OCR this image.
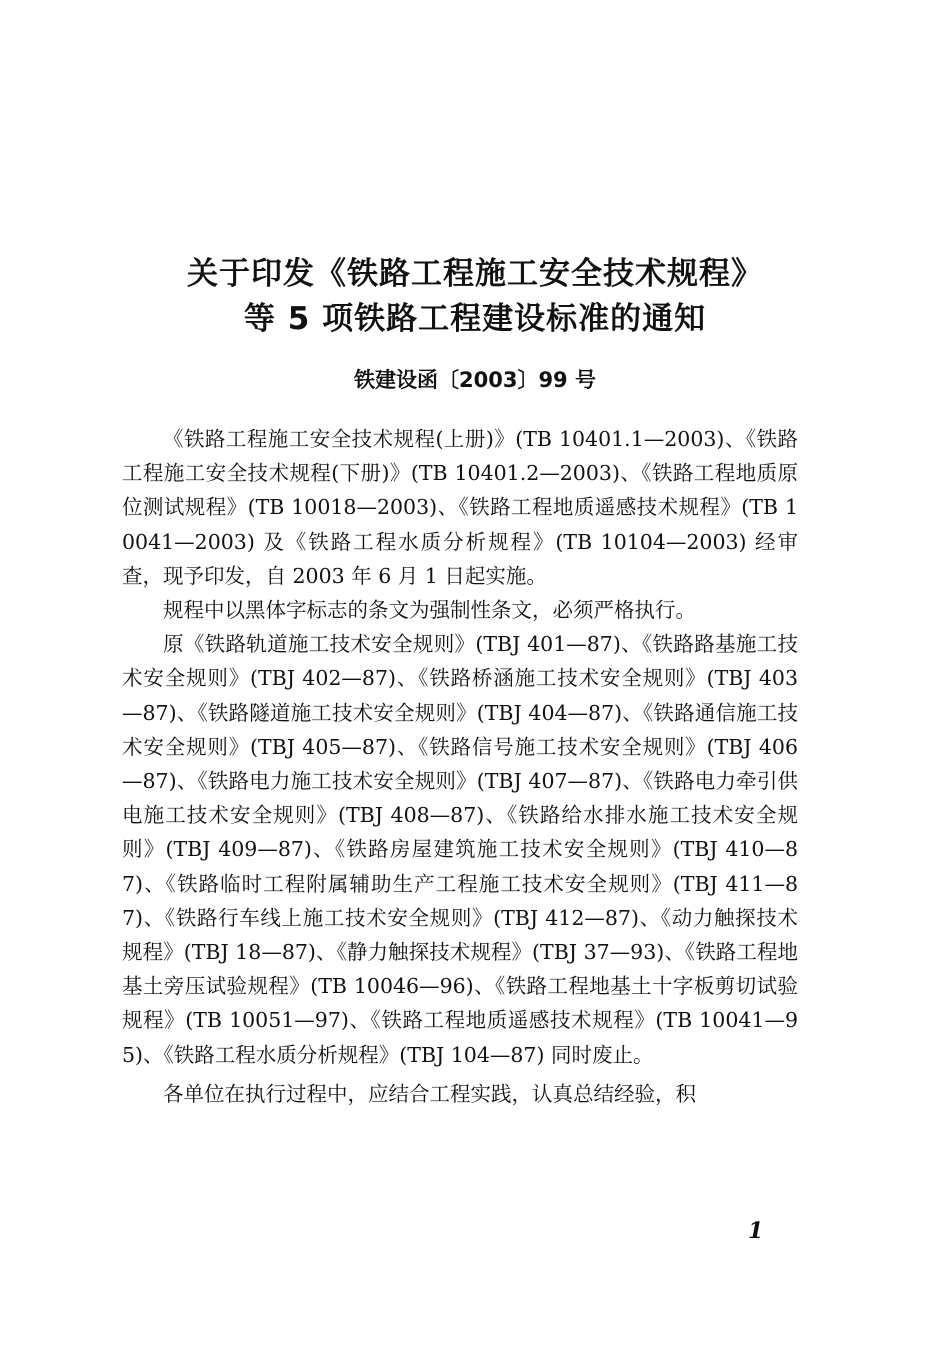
关于印发《铁路工程施工安全技术规程》
等 5 项铁路工程建设标准的通知
铁建设函〔2003〕99 号

《铁路工程施工安全技术规程(上册)》(TB 10401.1—2003)、《铁路工程施工安全技术规程(下册)》(TB 10401.2—2003)、《铁路工程地质原位测试规程》(TB 10018—2003)、《铁路工程地质遥感技术规程》(TB 10041—2003) 及《铁路工程水质分析规程》(TB 10104—2003) 经审查，现予印发，自 2003 年 6 月 1 日起实施。

规程中以黑体字标志的条文为强制性条文，必须严格执行。

原《铁路轨道施工技术安全规则》(TBJ 401—87)、《铁路路基施工技术安全规则》(TBJ 402—87)、《铁路桥涵施工技术安全规则》(TBJ 403—87)、《铁路隧道施工技术安全规则》(TBJ 404—87)、《铁路通信施工技术安全规则》(TBJ 405—87)、《铁路信号施工技术安全规则》(TBJ 406—87)、《铁路电力施工技术安全规则》(TBJ 407—87)、《铁路电力牵引供电施工技术安全规则》(TBJ 408—87)、《铁路给水排水施工技术安全规则》(TBJ 409—87)、《铁路房屋建筑施工技术安全规则》(TBJ 410—87)、《铁路临时工程附属辅助生产工程施工技术安全规则》(TBJ 411—87)、《铁路行车线上施工技术安全规则》(TBJ 412—87)、《动力触探技术规程》(TBJ 18—87)、《静力触探技术规程》(TBJ 37—93)、《铁路工程地基土旁压试验规程》(TB 10046—96)、《铁路工程地基土十字板剪切试验规程》(TB 10051—97)、《铁路工程地质遥感技术规程》(TB 10041—95)、《铁路工程水质分析规程》(TBJ 104—87) 同时废止。

各单位在执行过程中，应结合工程实践，认真总结经验，积

1
